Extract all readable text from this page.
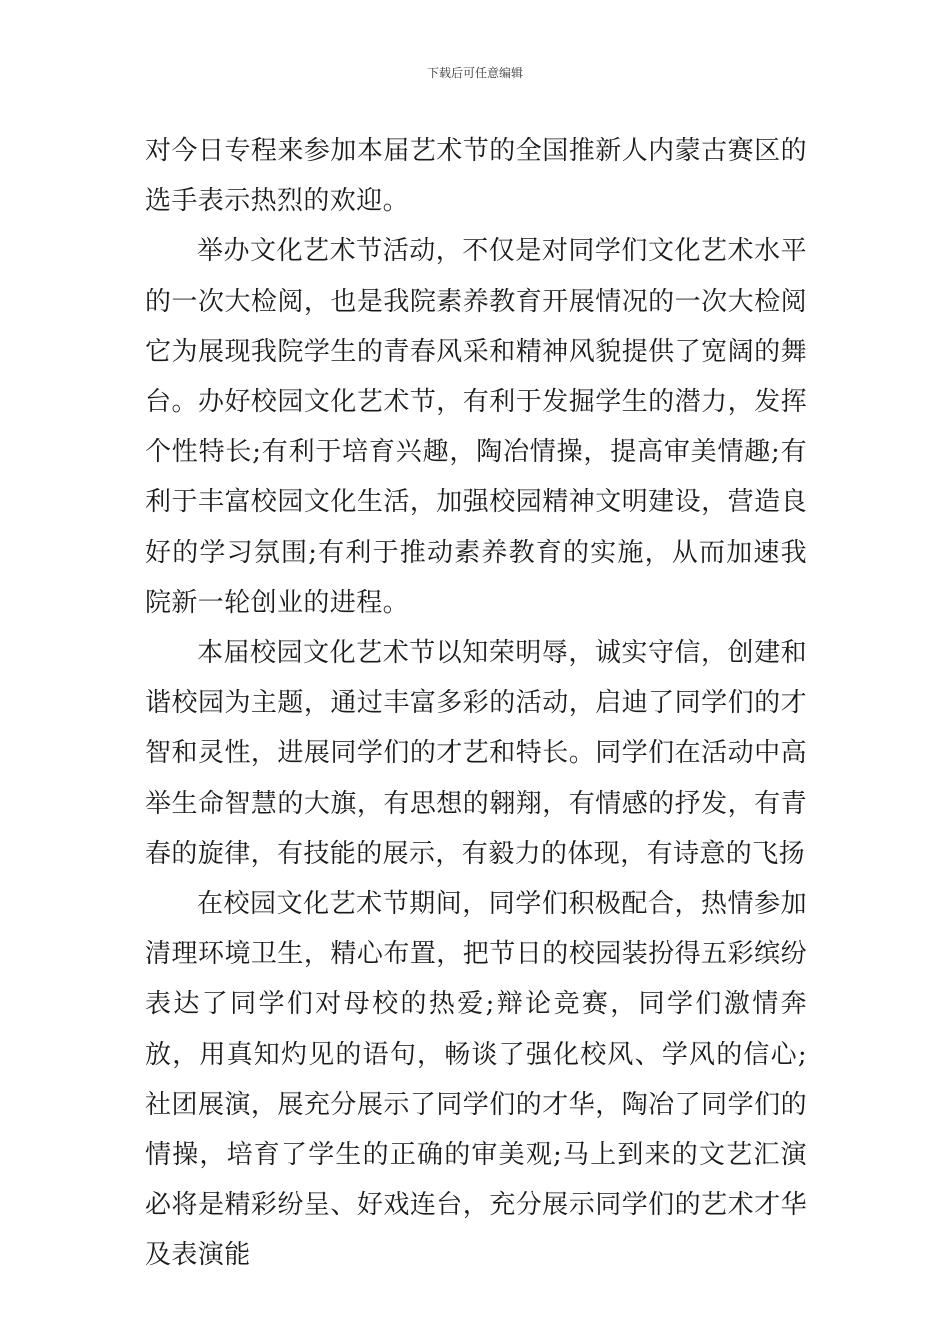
下载后可任意编辑

对今日专程来参加本届艺术节的全国推新人内蒙古赛区的选手表示热烈的欢迎。

举办文化艺术节活动，不仅是对同学们文化艺术水平的一次大检阅，也是我院素养教育开展情况的一次大检阅它为展现我院学生的青春风采和精神风貌提供了宽阔的舞台。办好校园文化艺术节，有利于发掘学生的潜力，发挥个性特长;有利于培育兴趣，陶冶情操，提高审美情趣;有利于丰富校园文化生活，加强校园精神文明建设，营造良好的学习氛围;有利于推动素养教育的实施，从而加速我院新一轮创业的进程。

本届校园文化艺术节以知荣明辱，诚实守信，创建和谐校园为主题，通过丰富多彩的活动，启迪了同学们的才智和灵性，进展同学们的才艺和特长。同学们在活动中高举生命智慧的大旗，有思想的翱翔，有情感的抒发，有青春的旋律，有技能的展示，有毅力的体现，有诗意的飞扬

在校园文化艺术节期间，同学们积极配合，热情参加清理环境卫生，精心布置，把节日的校园装扮得五彩缤纷表达了同学们对母校的热爱;辩论竞赛，同学们激情奔放，用真知灼见的语句，畅谈了强化校风、学风的信心;社团展演，展充分展示了同学们的才华，陶冶了同学们的情操，培育了学生的正确的审美观;马上到来的文艺汇演必将是精彩纷呈、好戏连台，充分展示同学们的艺术才华及表演能
